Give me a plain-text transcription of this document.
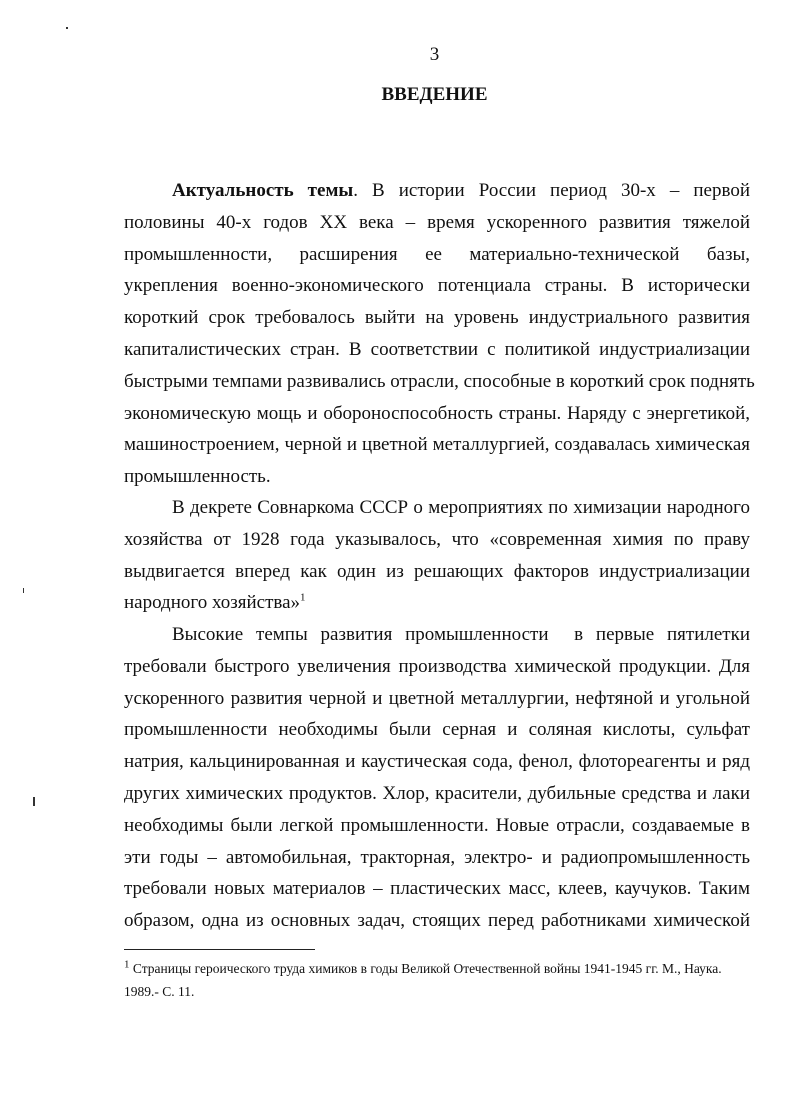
3
ВВЕДЕНИЕ
Актуальность темы. В истории России период 30-х – первой
половины 40-х годов XX века – время ускоренного развития тяжелой
промышленности, расширения ее материально-технической базы,
укрепления военно-экономического потенциала страны. В исторически
короткий срок требовалось выйти на уровень индустриального развития
капиталистических стран. В соответствии с политикой индустриализации
быстрыми темпами развивались отрасли, способные в короткий срок поднять
экономическую мощь и обороноспособность страны. Наряду с энергетикой,
машиностроением, черной и цветной металлургией, создавалась химическая
промышленность.
В декрете Совнаркома СССР о мероприятиях по химизации народного
хозяйства от 1928 года указывалось, что «современная химия по праву
выдвигается вперед как один из решающих факторов индустриализации
народного хозяйства»$^1$
Высокие темпы развития промышленности  в первые пятилетки
требовали быстрого увеличения производства химической продукции. Для
ускоренного развития черной и цветной металлургии, нефтяной и угольной
промышленности необходимы были серная и соляная кислоты, сульфат
натрия, кальцинированная и каустическая сода, фенол, флотореагенты и ряд
других химических продуктов. Хлор, красители, дубильные средства и лаки
необходимы были легкой промышленности. Новые отрасли, создаваемые в
эти годы – автомобильная, тракторная, электро- и радиопромышленность
требовали новых материалов – пластических масс, клеев, каучуков. Таким
образом, одна из основных задач, стоящих перед работниками химической
$^1$ Страницы героического труда химиков в годы Великой Отечественной войны 1941-1945 гг. М., Наука.
1989.- С. 11.
